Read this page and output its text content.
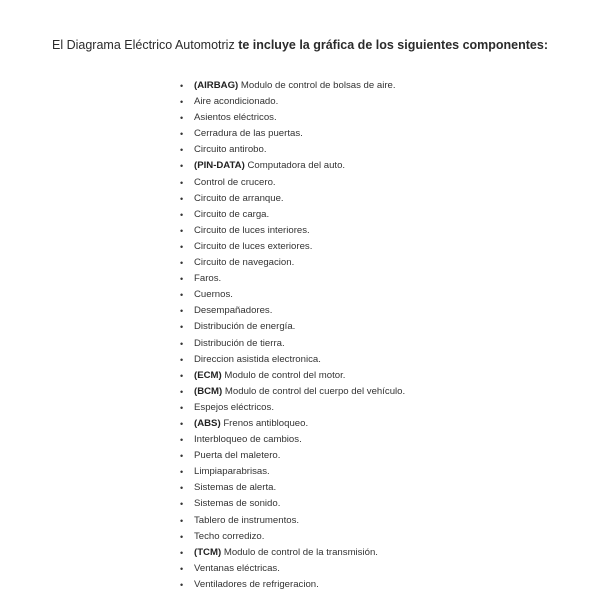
El Diagrama Eléctrico Automotriz te incluye la gráfica de los siguientes componentes:
• (AIRBAG) Modulo de control de bolsas de aire.
• Aire acondicionado.
• Asientos eléctricos.
• Cerradura de las puertas.
• Circuito antirobo.
• (PIN-DATA) Computadora del auto.
• Control de crucero.
• Circuito de arranque.
• Circuito de carga.
• Circuito de luces interiores.
• Circuito de luces exteriores.
• Circuito de navegacion.
• Faros.
• Cuernos.
• Desempañadores.
• Distribución de energía.
• Distribución de tierra.
• Direccion asistida electronica.
• (ECM) Modulo de control del motor.
• (BCM) Modulo de control del cuerpo del vehículo.
• Espejos eléctricos.
• (ABS) Frenos antibloqueo.
• Interbloqueo de cambios.
• Puerta del maletero.
• Limpiaparabrisas.
• Sistemas de alerta.
• Sistemas de sonido.
• Tablero de instrumentos.
• Techo corredizo.
• (TCM) Modulo de control de la transmisión.
• Ventanas eléctricas.
• Ventiladores de refrigeracion.
